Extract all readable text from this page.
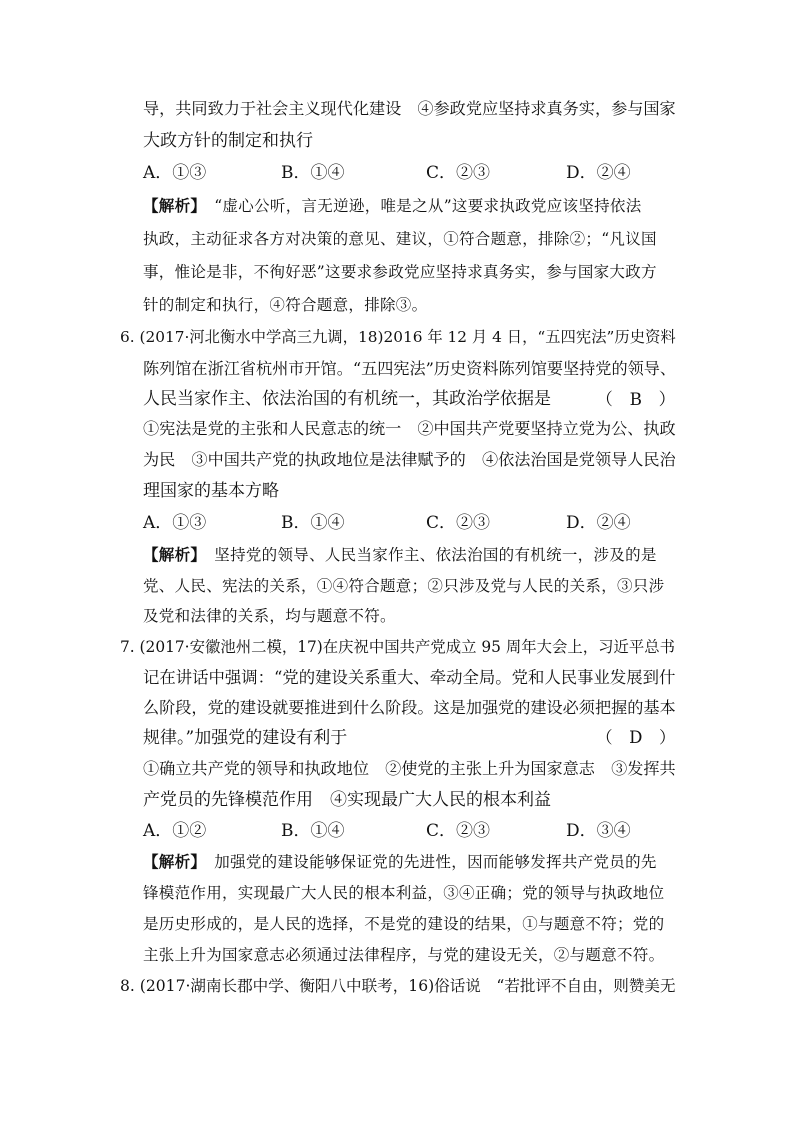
导，共同致力于社会主义现代化建设　④参政党应坚持求真务实，参与国家
大政方针的制定和执行
A．①③	B．①④	C．②③	D．②④
【解析】　 “虚心公听，言无逆逊，唯是之从”这要求执政党应该坚持依法
执政，主动征求各方对决策的意见、建议，①符合题意，排除②；“凡议国
事，惟论是非，不徇好恶”这要求参政党应坚持求真务实，参与国家大政方
针的制定和执行，④符合题意，排除③。
6. (2017·河北衡水中学高三九调，18)2016 年 12 月 4 日，“五四宪法”历史资料
陈列馆在浙江省杭州市开馆。“五四宪法”历史资料陈列馆要坚持党的领导、
人民当家作主、依法治国的有机统一，其政治学依据是	（　B　）
①宪法是党的主张和人民意志的统一　②中国共产党要坚持立党为公、执政
为民　③中国共产党的执政地位是法律赋予的　④依法治国是党领导人民治
理国家的基本方略
A．①③	B．①④	C．②③	D．②④
【解析】　 坚持党的领导、人民当家作主、依法治国的有机统一，涉及的是
党、人民、宪法的关系，①④符合题意；②只涉及党与人民的关系，③只涉
及党和法律的关系，均与题意不符。
7. (2017·安徽池州二模，17)在庆祝中国共产党成立 95 周年大会上，习近平总书
记在讲话中强调：“党的建设关系重大、牵动全局。党和人民事业发展到什
么阶段，党的建设就要推进到什么阶段。这是加强党的建设必须把握的基本
规律。”加强党的建设有利于	（　D　）
①确立共产党的领导和执政地位　②使党的主张上升为国家意志　③发挥共
产党员的先锋模范作用　④实现最广大人民的根本利益
A．①②	B．①④	C．②③	D．③④
【解析】　 加强党的建设能够保证党的先进性，因而能够发挥共产党员的先
锋模范作用，实现最广大人民的根本利益，③④正确；党的领导与执政地位
是历史形成的，是人民的选择，不是党的建设的结果，①与题意不符；党的
主张上升为国家意志必须通过法律程序，与党的建设无关，②与题意不符。
8. (2017·湖南长郡中学、衡阳八中联考，16)俗话说　“若批评不自由，则赞美无
